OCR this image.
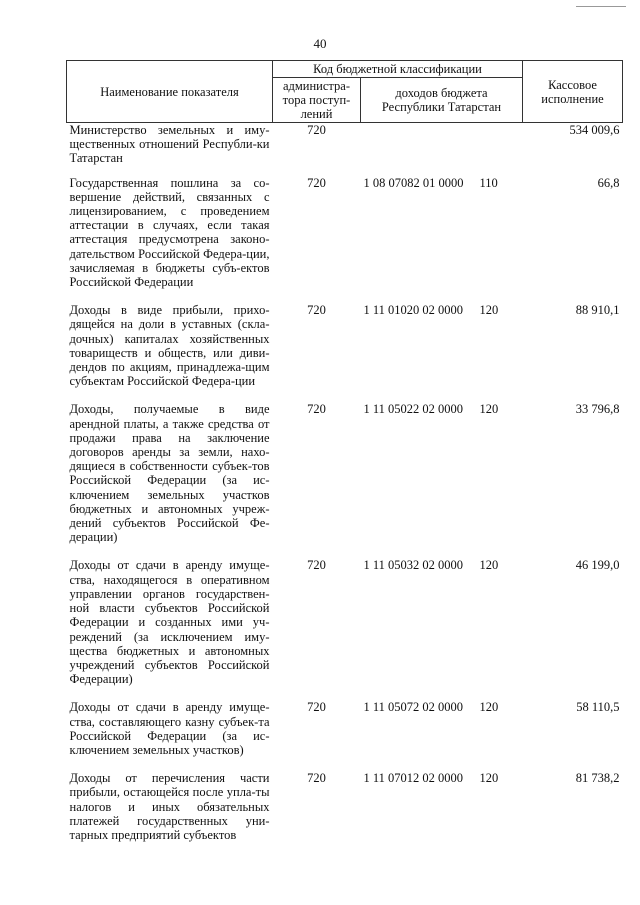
40
Наименование показателя	Код бюджетной классификации		Кассовое исполнение
	администра-тора поступ-лений	доходов бюджета Республики Татарстан	
Министерство земельных и иму-щественных отношений Республи-ки Татарстан	720		534 009,6
Государственная пошлина за со-вершение действий, связанных с лицензированием, с проведением аттестации в случаях, если такая аттестация предусмотрена законо-дательством Российской Федера-ции, зачисляемая в бюджеты субъ-ектов Российской Федерации	720	1 08 07082 01 0000 110	66,8
Доходы в виде прибыли, прихо-дящейся на доли в уставных (скла-дочных) капиталах хозяйственных товариществ и обществ, или диви-дендов по акциям, принадлежа-щим субъектам Российской Федера-ции	720	1 11 01020 02 0000 120	88 910,1
Доходы, получаемые в виде арендной платы, а также средства от продажи права на заключение договоров аренды за земли, нахо-дящиеся в собственности субъек-тов Российской Федерации (за ис-ключением земельных участков бюджетных и автономных учреж-дений субъектов Российской Фе-дерации)	720	1 11 05022 02 0000 120	33 796,8
Доходы от сдачи в аренду имуще-ства, находящегося в оперативном управлении органов государствен-ной власти субъектов Российской Федерации и созданных ими уч-реждений (за исключением иму-щества бюджетных и автономных учреждений субъектов Российской Федерации)	720	1 11 05032 02 0000 120	46 199,0
Доходы от сдачи в аренду имуще-ства, составляющего казну субъек-та Российской Федерации (за ис-ключением земельных участков)	720	1 11 05072 02 0000 120	58 110,5
Доходы от перечисления части прибыли, остающейся после упла-ты налогов и иных обязательных платежей государственных уни-тарных предприятий субъектов	720	1 11 07012 02 0000 120	81 738,2
